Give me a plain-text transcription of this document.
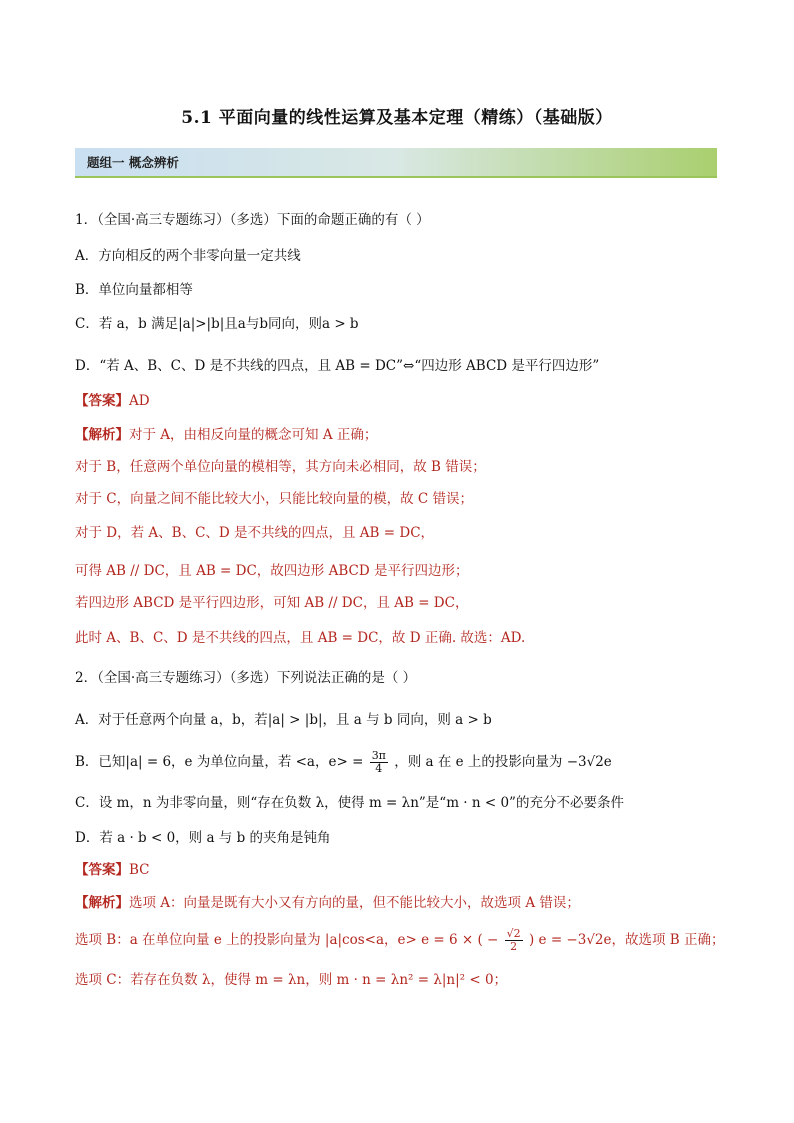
5.1 平面向量的线性运算及基本定理（精练）（基础版）
题组一 概念辨析
1．（全国·高三专题练习）（多选）下面的命题正确的有（ ）
A．方向相反的两个非零向量一定共线
B．单位向量都相等
C．若 a，b 满足|a|>|b|且a与b同向，则a > b
D．“若 A、B、C、D 是不共线的四点，且 AB = DC”⇔“四边形 ABCD 是平行四边形”
【答案】AD
【解析】对于 A，由相反向量的概念可知 A 正确；
对于 B，任意两个单位向量的模相等，其方向未必相同，故 B 错误；
对于 C，向量之间不能比较大小，只能比较向量的模，故 C 错误；
对于 D，若 A、B、C、D 是不共线的四点，且 AB = DC，
可得 AB // DC，且 AB = DC，故四边形 ABCD 是平行四边形；
若四边形 ABCD 是平行四边形，可知 AB // DC，且 AB = DC，
此时 A、B、C、D 是不共线的四点，且 AB = DC，故 D 正确. 故选：AD.
2．（全国·高三专题练习）（多选）下列说法正确的是（ ）
A．对于任意两个向量 a，b，若|a| > |b|，且 a 与 b 同向，则 a > b
B．已知|a| = 6，e 为单位向量，若 <a，$e> = \frac{3\pi}{4}$ ，则 a 在 e 上的投影向量为 −3√2e
C．设 m，n 为非零向量，则“存在负数 λ，使得 m = λn”是“m · n < 0”的充分不必要条件
D．若 a · b < 0，则 a 与 b 的夹角是钝角
【答案】BC
【解析】选项 A：向量是既有大小又有方向的量，但不能比较大小，故选项 A 错误；
选项 B：a 在单位向量 e 上的投影向量为 |a|cos<a，e> e = 6 × ( − $\frac{√2}{2}$ ) e = −3√2e，故选项 B 正确；
选项 C：若存在负数 λ，使得 m = λn，则 m · n = λn² = λ|n|² < 0；
